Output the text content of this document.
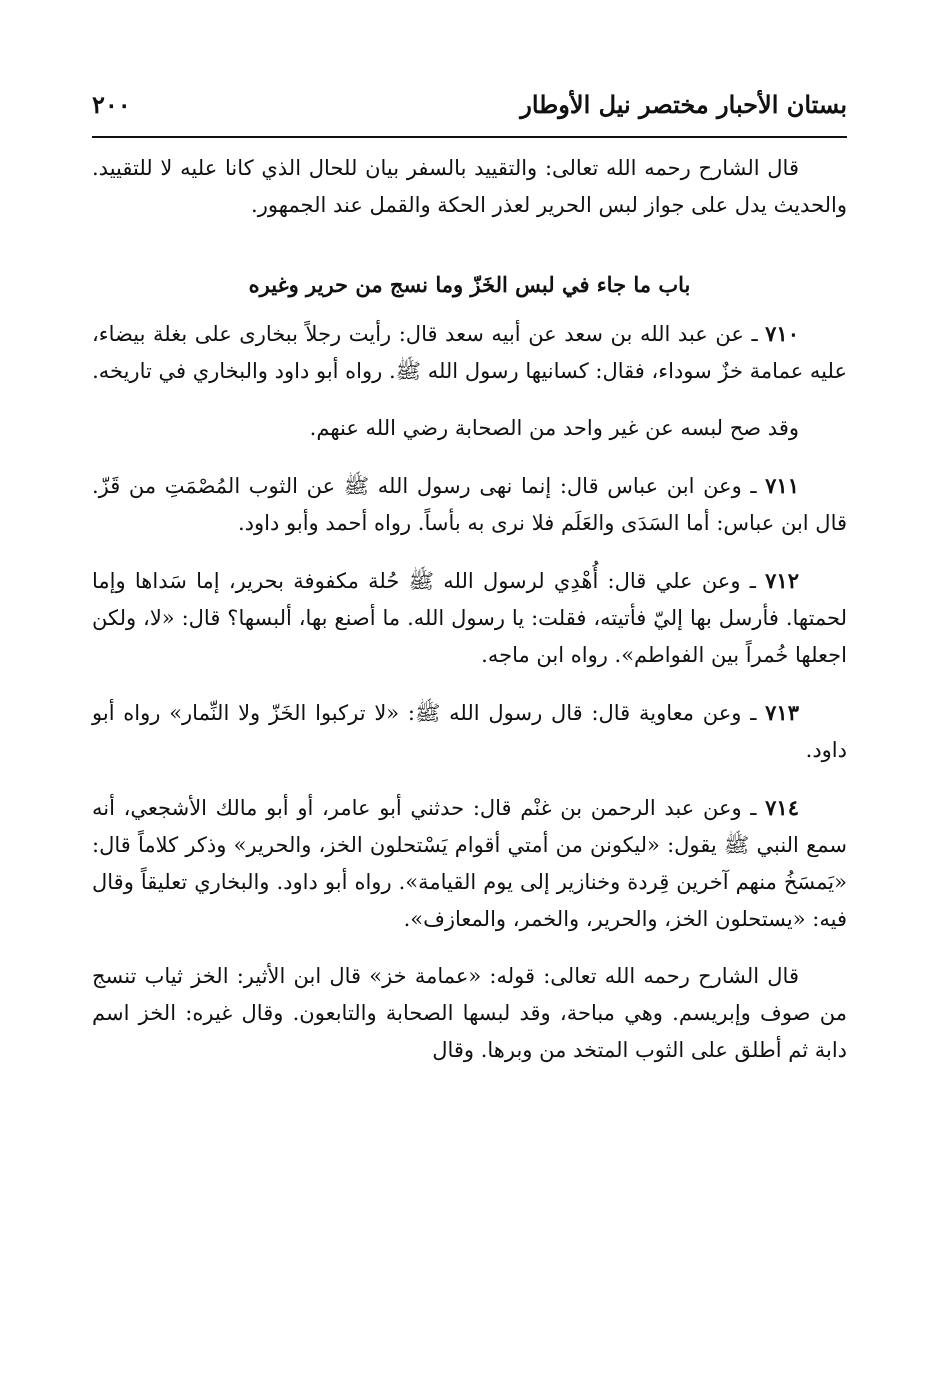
بستان الأحبار مختصر نيل الأوطار
٢٠٠

قال الشارح رحمه الله تعالى: والتقييد بالسفر بيان للحال الذي كانا عليه لا للتقييد. والحديث يدل على جواز لبس الحرير لعذر الحكة والقمل عند الجمهور.

باب ما جاء في لبس الخَزّ وما نسج من حرير وغيره

٧١٠ ـ عن عبد الله بن سعد عن أبيه سعد قال: رأيت رجلاً ببخارى على بغلة بيضاء، عليه عمامة خزٌ سوداء، فقال: كسانيها رسول الله ﷺ. رواه أبو داود والبخاري في تاريخه.

وقد صح لبسه عن غير واحد من الصحابة رضي الله عنهم.

٧١١ ـ وعن ابن عباس قال: إنما نهى رسول الله ﷺ عن الثوب المُصْمَتِ من قَزّ. قال ابن عباس: أما السَدَى والعَلَم فلا نرى به بأساً. رواه أحمد وأبو داود.

٧١٢ ـ وعن علي قال: أُهْدِي لرسول الله ﷺ حُلة مكفوفة بحرير، إما سَداها وإما لحمتها. فأرسل بها إليّ فأتيته، فقلت: يا رسول الله. ما أصنع بها، ألبسها؟ قال: «لا، ولكن اجعلها خُمراً بين الفواطم». رواه ابن ماجه.

٧١٣ ـ وعن معاوية قال: قال رسول الله ﷺ: «لا تركبوا الخَزّ ولا النِّمار» رواه أبو داود.

٧١٤ ـ وعن عبد الرحمن بن غنْم قال: حدثني أبو عامر، أو أبو مالك الأشجعي، أنه سمع النبي ﷺ يقول: «ليكونن من أمتي أقوام يَسْتحلون الخز، والحرير» وذكر كلاماً قال: «يَمسَخُ منهم آخرين قِردة وخنازير إلى يوم القيامة». رواه أبو داود. والبخاري تعليقاً وقال فيه: «يستحلون الخز، والحرير، والخمر، والمعازف».

قال الشارح رحمه الله تعالى: قوله: «عمامة خز» قال ابن الأثير: الخز ثياب تنسج من صوف وإبريسم. وهي مباحة، وقد لبسها الصحابة والتابعون. وقال غيره: الخز اسم دابة ثم أطلق على الثوب المتخد من وبرها. وقال
